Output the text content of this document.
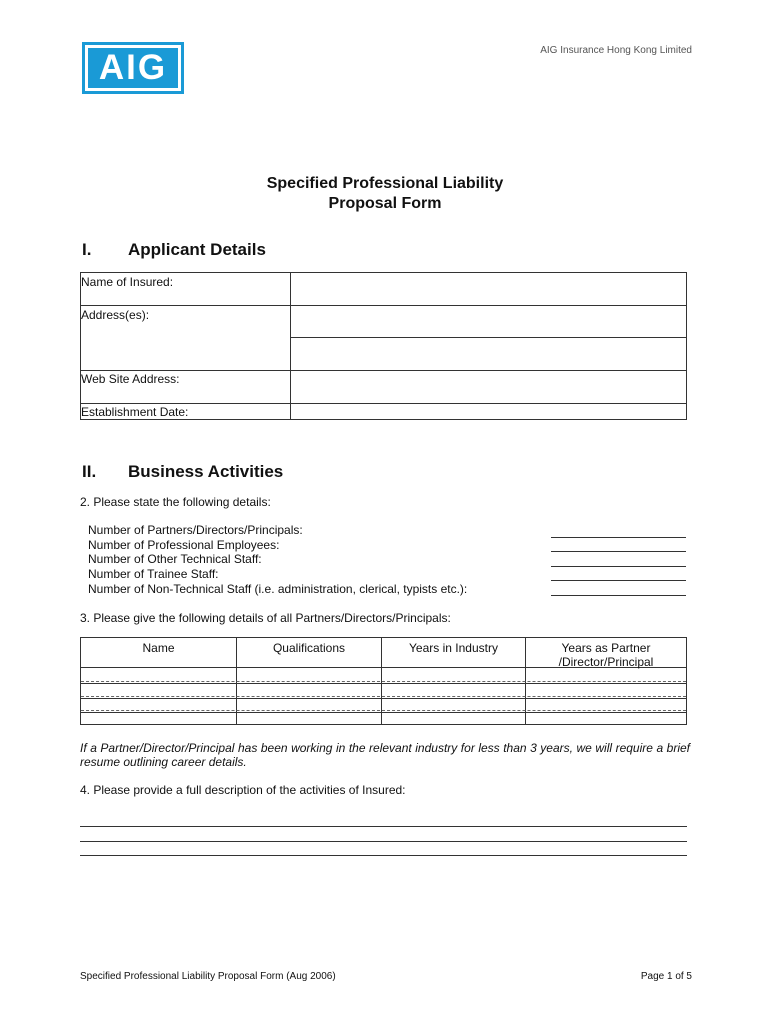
AIG	AIG Insurance Hong Kong Limited
Specified Professional Liability
Proposal Form
I. Applicant Details
Name of Insured:
Address(es):
Web Site Address:
Establishment Date:
II. Business Activities
2. Please state the following details:
Number of Partners/Directors/Principals:
Number of Professional Employees:
Number of Other Technical Staff:
Number of Trainee Staff:
Number of Non-Technical Staff (i.e. administration, clerical, typists etc.):
3. Please give the following details of all Partners/Directors/Principals:
Name	Qualifications	Years in Industry	Years as Partner
/Director/Principal
If a Partner/Director/Principal has been working in the relevant industry for less than 3 years, we will require a brief resume outlining career details.
4. Please provide a full description of the activities of Insured:
Specified Professional Liability Proposal Form (Aug 2006)	Page 1 of 5
